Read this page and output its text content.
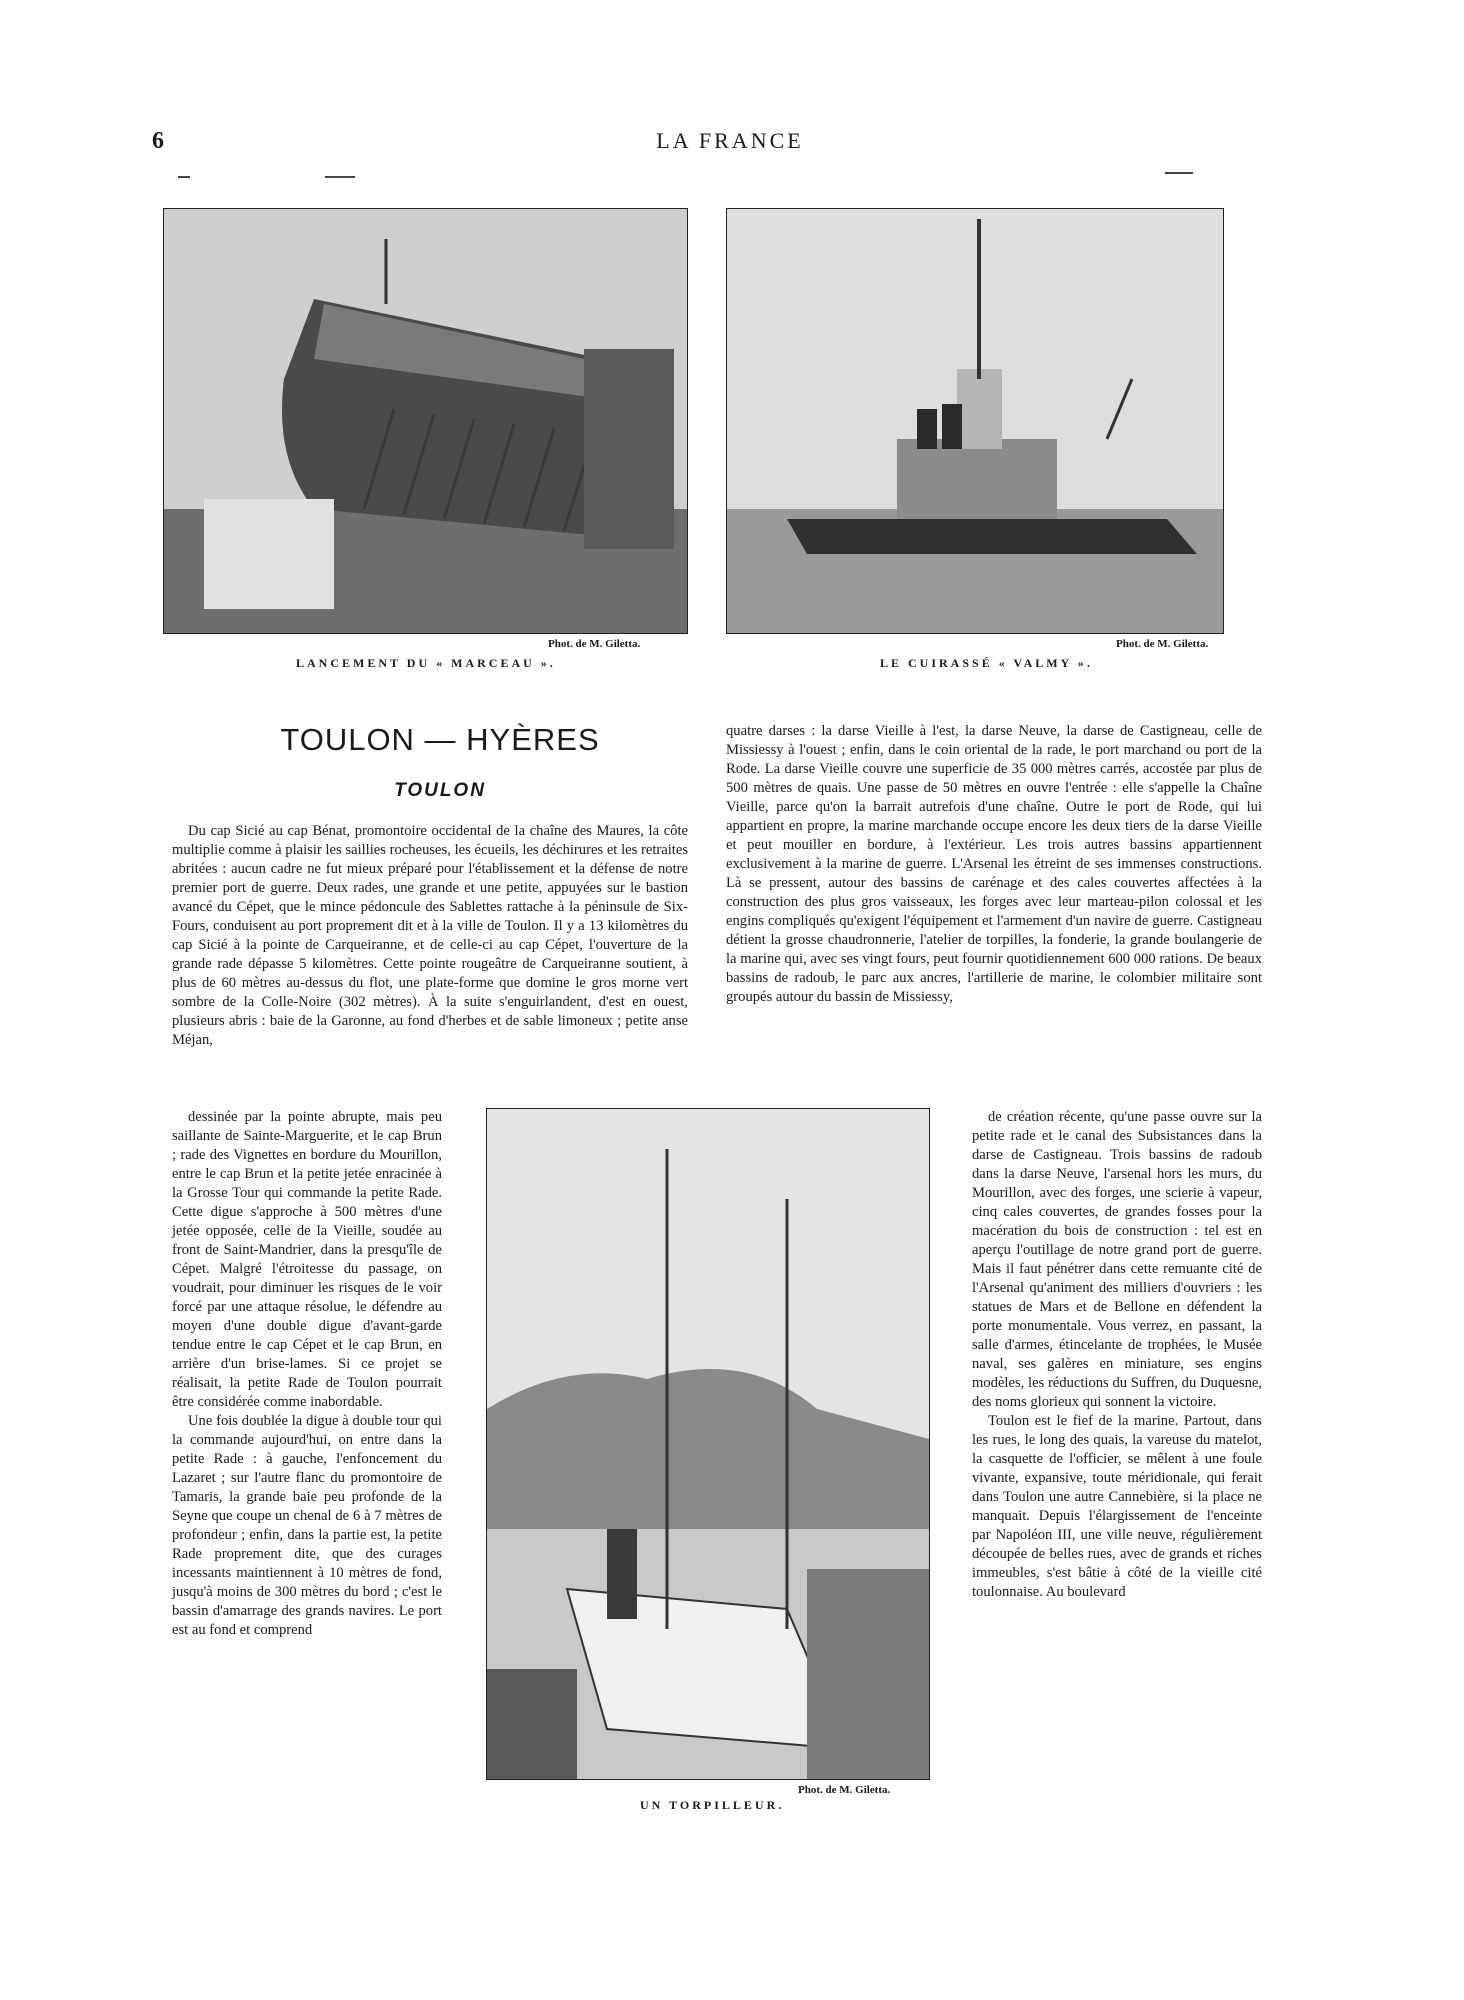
6	LA FRANCE
Phot. de M. Giletta.
LANCEMENT DU « MARCEAU ».
Phot. de M. Giletta.
LE CUIRASSÉ « VALMY ».
TOULON — HYÈRES
TOULON

Du cap Sicié au cap Bénat, promontoire occidental de la chaîne des Maures, la côte multiplie comme à plaisir les saillies rocheuses, les écueils, les déchirures et les retraites abritées : aucun cadre ne fut mieux préparé pour l'établissement et la défense de notre premier port de guerre. Deux rades, une grande et une petite, appuyées sur le bastion avancé du Cépet, que le mince pédoncule des Sablettes rattache à la péninsule de Six-Fours, conduisent au port proprement dit et à la ville de Toulon. Il y a 13 kilomètres du cap Sicié à la pointe de Carqueiranne, et de celle-ci au cap Cépet, l'ouverture de la grande rade dépasse 5 kilomètres. Cette pointe rougeâtre de Carqueiranne soutient, à plus de 60 mètres au-dessus du flot, une plate-forme que domine le gros morne vert sombre de la Colle-Noire (302 mètres). À la suite s'enguirlandent, d'est en ouest, plusieurs abris : baie de la Garonne, au fond d'herbes et de sable limoneux ; petite anse Méjan,

dessinée par la pointe abrupte, mais peu saillante de Sainte-Marguerite, et le cap Brun ; rade des Vignettes en bordure du Mourillon, entre le cap Brun et la petite jetée enracinée à la Grosse Tour qui commande la petite Rade. Cette digue s'approche à 500 mètres d'une jetée opposée, celle de la Vieille, soudée au front de Saint-Mandrier, dans la presqu'île de Cépet. Malgré l'étroitesse du passage, on voudrait, pour diminuer les risques de le voir forcé par une attaque résolue, le défendre au moyen d'une double digue d'avant-garde tendue entre le cap Cépet et le cap Brun, en arrière d'un brise-lames. Si ce projet se réalisait, la petite Rade de Toulon pourrait être considérée comme inabordable.

Une fois doublée la digue à double tour qui la commande aujourd'hui, on entre dans la petite Rade : à gauche, l'enfoncement du Lazaret ; sur l'autre flanc du promontoire de Tamaris, la grande baie peu profonde de la Seyne que coupe un chenal de 6 à 7 mètres de profondeur ; enfin, dans la partie est, la petite Rade proprement dite, que des curages incessants maintiennent à 10 mètres de fond, jusqu'à moins de 300 mètres du bord ; c'est le bassin d'amarrage des grands navires. Le port est au fond et comprend

quatre darses : la darse Vieille à l'est, la darse Neuve, la darse de Castigneau, celle de Missiessy à l'ouest ; enfin, dans le coin oriental de la rade, le port marchand ou port de la Rode. La darse Vieille couvre une superficie de 35 000 mètres carrés, accostée par plus de 500 mètres de quais. Une passe de 50 mètres en ouvre l'entrée : elle s'appelle la Chaîne Vieille, parce qu'on la barrait autrefois d'une chaîne. Outre le port de Rode, qui lui appartient en propre, la marine marchande occupe encore les deux tiers de la darse Vieille et peut mouiller en bordure, à l'extérieur. Les trois autres bassins appartiennent exclusivement à la marine de guerre. L'Arsenal les étreint de ses immenses constructions. Là se pressent, autour des bassins de carénage et des cales couvertes affectées à la construction des plus gros vaisseaux, les forges avec leur marteau-pilon colossal et les engins compliqués qu'exigent l'équipement et l'armement d'un navire de guerre. Castigneau détient la grosse chaudronnerie, l'atelier de torpilles, la fonderie, la grande boulangerie de la marine qui, avec ses vingt fours, peut fournir quotidiennement 600 000 rations. De beaux bassins de radoub, le parc aux ancres, l'artillerie de marine, le colombier militaire sont groupés autour du bassin de Missiessy,

de création récente, qu'une passe ouvre sur la petite rade et le canal des Subsistances dans la darse de Castigneau. Trois bassins de radoub dans la darse Neuve, l'arsenal hors les murs, du Mourillon, avec des forges, une scierie à vapeur, cinq cales couvertes, de grandes fosses pour la macération du bois de construction : tel est en aperçu l'outillage de notre grand port de guerre. Mais il faut pénétrer dans cette remuante cité de l'Arsenal qu'animent des milliers d'ouvriers : les statues de Mars et de Bellone en défendent la porte monumentale. Vous verrez, en passant, la salle d'armes, étincelante de trophées, le Musée naval, ses galères en miniature, ses engins modèles, les réductions du Suffren, du Duquesne, des noms glorieux qui sonnent la victoire.

Toulon est le fief de la marine. Partout, dans les rues, le long des quais, la vareuse du matelot, la casquette de l'officier, se mêlent à une foule vivante, expansive, toute méridionale, qui ferait dans Toulon une autre Cannebière, si la place ne manquait. Depuis l'élargissement de l'enceinte par Napoléon III, une ville neuve, régulièrement découpée de belles rues, avec de grands et riches immeubles, s'est bâtie à côté de la vieille cité toulonnaise. Au boulevard

Phot. de M. Giletta.
UN TORPILLEUR.
